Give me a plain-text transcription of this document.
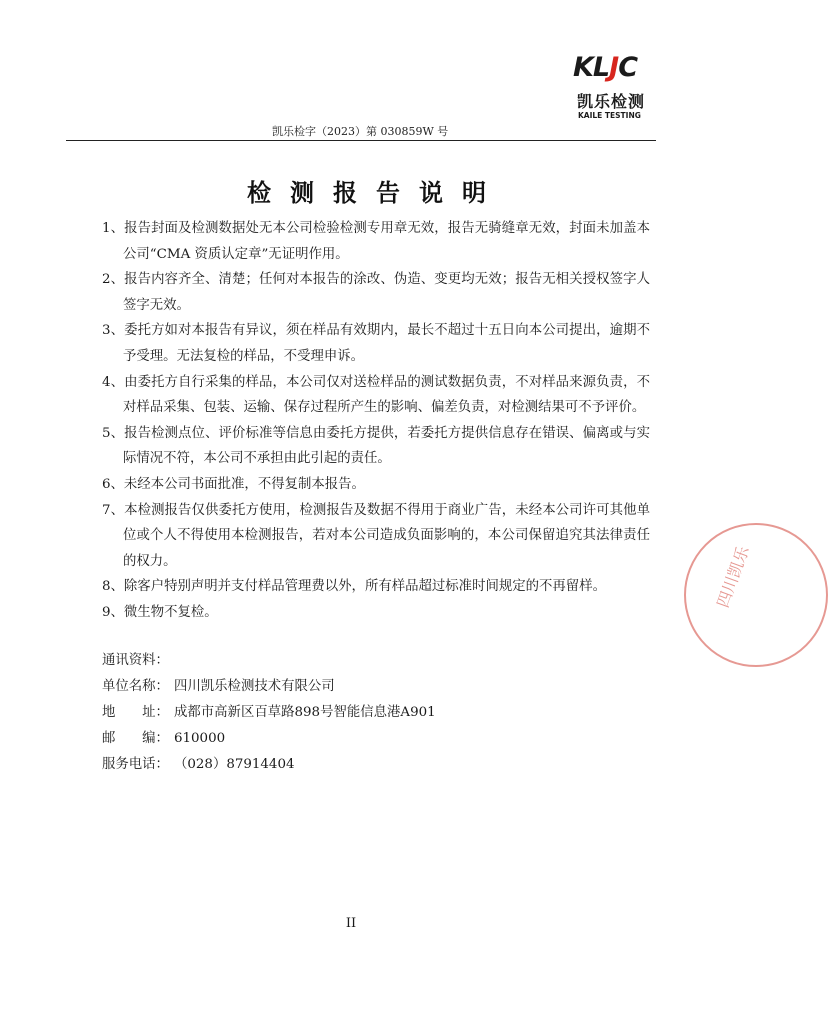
KLJC
凯乐检测
KAILE TESTING
凯乐检字（2023）第 030859W 号
检测报告说明
1、报告封面及检测数据处无本公司检验检测专用章无效，报告无骑缝章无效，封面未加盖本公司“CMA 资质认定章”无证明作用。
2、报告内容齐全、清楚；任何对本报告的涂改、伪造、变更均无效；报告无相关授权签字人签字无效。
3、委托方如对本报告有异议，须在样品有效期内，最长不超过十五日向本公司提出，逾期不予受理。无法复检的样品，不受理申诉。
4、由委托方自行采集的样品，本公司仅对送检样品的测试数据负责，不对样品来源负责，不对样品采集、包装、运输、保存过程所产生的影响、偏差负责，对检测结果可不予评价。
5、报告检测点位、评价标准等信息由委托方提供，若委托方提供信息存在错误、偏离或与实际情况不符，本公司不承担由此引起的责任。
6、未经本公司书面批准，不得复制本报告。
7、本检测报告仅供委托方使用，检测报告及数据不得用于商业广告，未经本公司许可其他单位或个人不得使用本检测报告，若对本公司造成负面影响的，本公司保留追究其法律责任的权力。
8、除客户特别声明并支付样品管理费以外，所有样品超过标准时间规定的不再留样。
9、微生物不复检。
通讯资料：
单位名称： 四川凯乐检测技术有限公司
地　　址： 成都市高新区百草路898号智能信息港A901
邮　　编： 610000
服务电话： （028）87914404
II
四川凯乐
